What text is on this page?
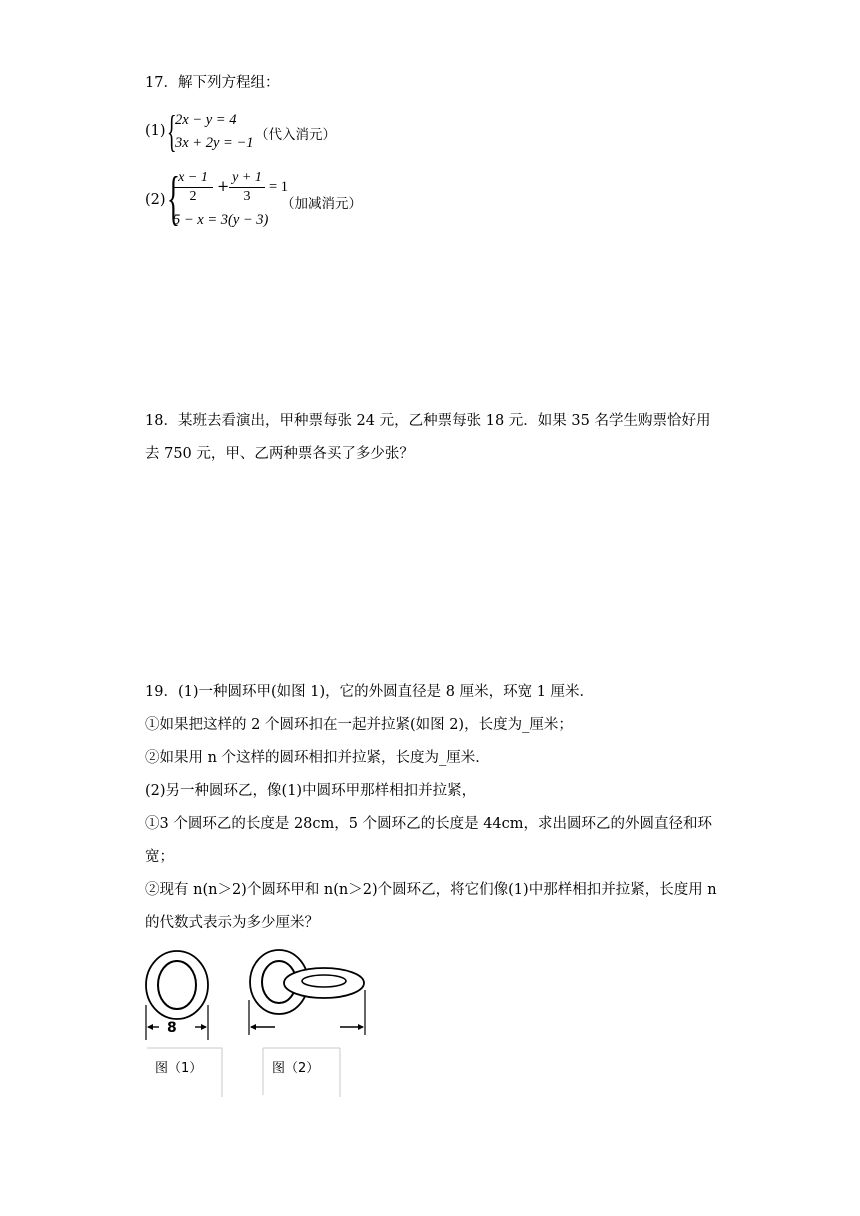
17．解下列方程组：
(1) {
2x − y = 4
3x + 2y = −1 （代入消元）
(2) {
x − 1
2
+
y + 1
3
= 1
5 − x = 3(y − 3)
（加减消元）
18．某班去看演出，甲种票每张 24 元，乙种票每张 18 元．如果 35 名学生购票恰好用
去 750 元，甲、乙两种票各买了多少张？
19．(1)一种圆环甲(如图 1)，它的外圆直径是 8 厘米，环宽 1 厘米．
①如果把这样的 2 个圆环扣在一起并拉紧(如图 2)，长度为_厘米；
②如果用 n 个这样的圆环相扣并拉紧，长度为_厘米．
(2)另一种圆环乙，像(1)中圆环甲那样相扣并拉紧，
①3 个圆环乙的长度是 28cm，5 个圆环乙的长度是 44cm，求出圆环乙的外圆直径和环
宽；
②现有 n(n＞2)个圆环甲和 n(n＞2)个圆环乙，将它们像(1)中那样相扣并拉紧，长度用 n
的代数式表示为多少厘米？
8
图（1）	图（2）
